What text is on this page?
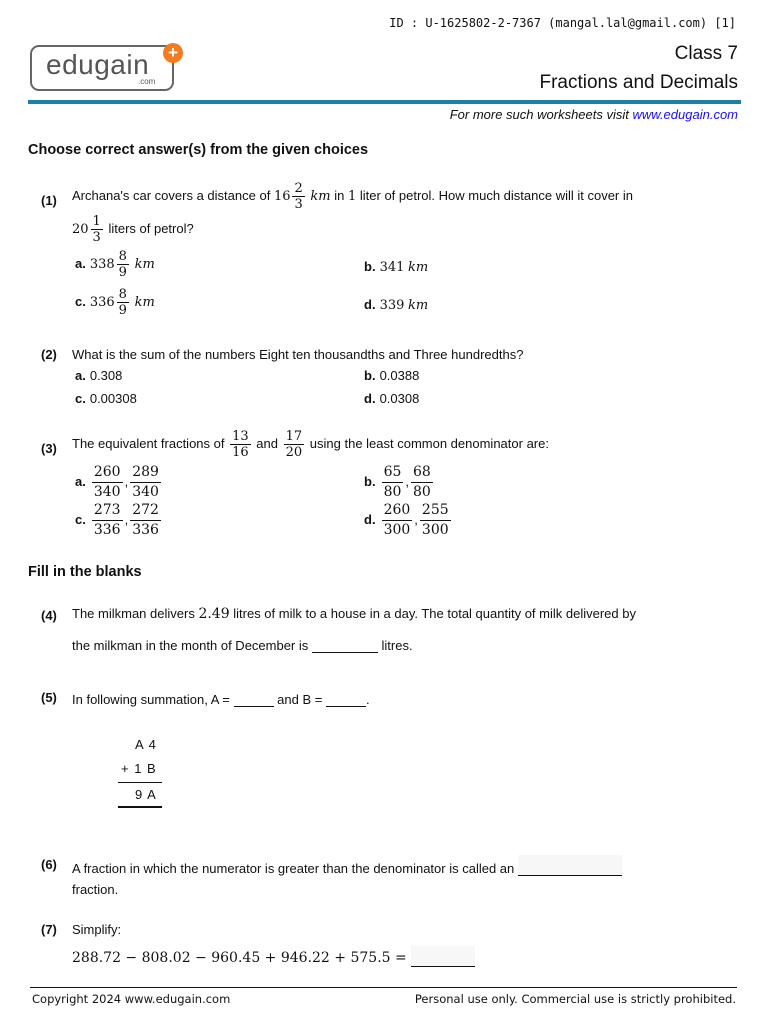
ID : U-1625802-2-7367 (mangal.lal@gmail.com) [1]
edugain
.com
+	Class 7
Fractions and Decimals
For more such worksheets visit www.edugain.com
Choose correct answer(s) from the given choices
(1) Archana's car covers a distance of $16 \frac{2}{3}$ km in 1 liter of petrol. How much distance will it cover in
$20 \frac{1}{3}$ liters of petrol?
a. $338 \frac{8}{9}$ km	b. 341 km
c. $336 \frac{8}{9}$ km	d. 339 km
(2) What is the sum of the numbers Eight ten thousandths and Three hundredths?
a. 0.308	b. 0.0388
c. 0.00308	d. 0.0308
(3) The equivalent fractions of $\frac{13}{16}$ and $\frac{17}{20}$ using the least common denominator are:
a. $\frac{260}{340}$ , $\frac{289}{340}$	b. $\frac{65}{80}$ , $\frac{68}{80}$
c. $\frac{273}{336}$ , $\frac{272}{336}$	d. $\frac{260}{300}$ , $\frac{255}{300}$
Fill in the blanks
(4) The milkman delivers 2.49 litres of milk to a house in a day. The total quantity of milk delivered by
the milkman in the month of December is	litres.
(5) In following summation, A =	and B =	.
A 4
+ 1 B
9 A
(6) A fraction in which the numerator is greater than the denominator is called an
fraction.
(7) Simplify:
288.72 − 808.02 − 960.45 + 946.22 + 575.5 =
Copyright 2024 www.edugain.com	Personal use only. Commercial use is strictly prohibited.
